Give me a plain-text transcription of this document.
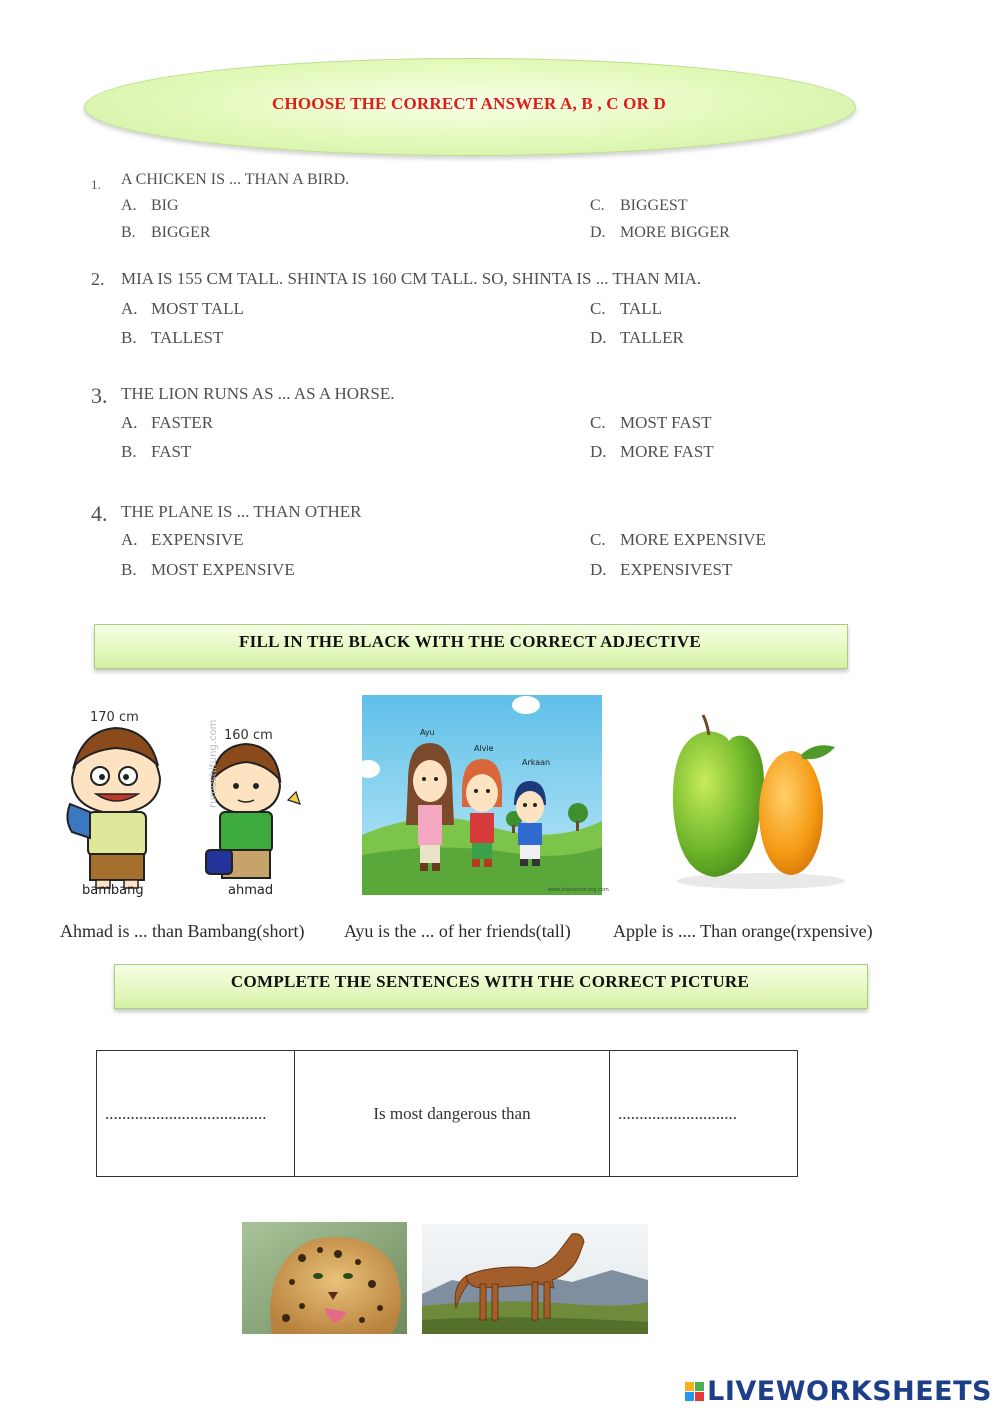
CHOOSE THE CORRECT ANSWER A, B , C OR D
1. A CHICKEN IS ... THAN A BIRD.
A. BIG
B. BIGGER
C. BIGGEST
D. MORE BIGGER
2. MIA IS 155 CM TALL. SHINTA IS 160 CM TALL. SO, SHINTA IS ... THAN MIA.
A. MOST TALL
B. TALLEST
C. TALL
D. TALLER
3. THE LION RUNS AS ... AS A HORSE.
A. FASTER
B. FAST
C. MOST FAST
D. MORE FAST
4. THE PLANE IS ... THAN OTHER
A. EXPENSIVE
B. MOST EXPENSIVE
C. MORE EXPENSIVE
D. EXPENSIVEST
FILL IN THE BLACK WITH THE CORRECT ADJECTIVE
170 cm
160 cm
rumushitung.com
bambang	ahmad
Ayu
Alvie
Arkaan
www.freevector.org.com
Ahmad is ... than Bambang(short) Ayu is the ... of her friends(tall) Apple is .... Than orange(rxpensive)
COMPLETE THE SENTENCES WITH THE CORRECT PICTURE
......................................	Is most dangerous than	............................
LIVEWORKSHEETS
